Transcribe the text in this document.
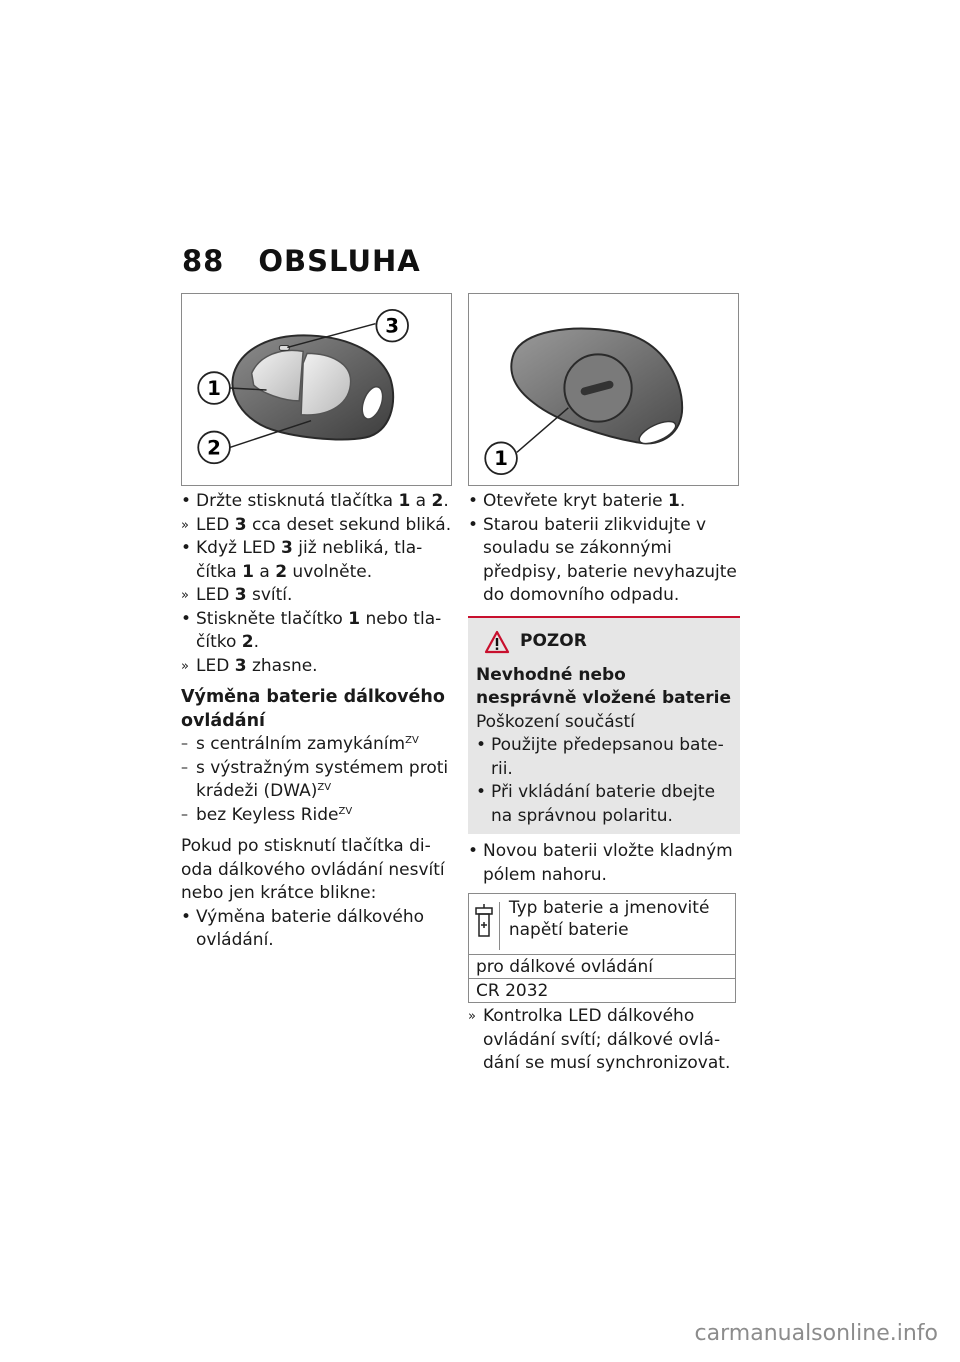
88 OBSLUHA
3
1
2	1
•
Držte stisknutá tlačítka 1 a 2.
»
LED 3 cca deset sekund bliká.
•
Když LED 3 již nebliká, tla-
čítka 1 a 2 uvolněte.
»
LED 3 svítí.
•
Stiskněte tlačítko 1 nebo tla-
čítko 2.
»
LED 3 zhasne.
Výměna baterie dálkového ovládání
–
s centrálním zamykáním$^{ZV}$
–
s výstražným systémem proti krádeži (DWA)$^{ZV}$
–
bez Keyless Ride$^{ZV}$
Pokud po stisknutí tlačítka di-oda dálkového ovládání nesvítí nebo jen krátce blikne:
•
Výměna baterie dálkového ovládání.
•
Otevřete kryt baterie 1.
•
Starou baterii zlikvidujte v souladu se zákonnými předpisy, baterie nevyhazujte do domovního odpadu.
POZOR
Nevhodné nebo nesprávně vložené baterie
Poškození součástí
•
Použijte předepsanou bate-rii.
•
Při vkládání baterie dbejte na správnou polaritu.
•
Novou baterii vložte kladným pólem nahoru.
Typ baterie a jmenovité napětí baterie
pro dálkové ovládání
CR 2032
»
Kontrolka LED dálkového ovládání svítí; dálkové ovlá-dání se musí synchronizovat.
carmanualsonline.info
